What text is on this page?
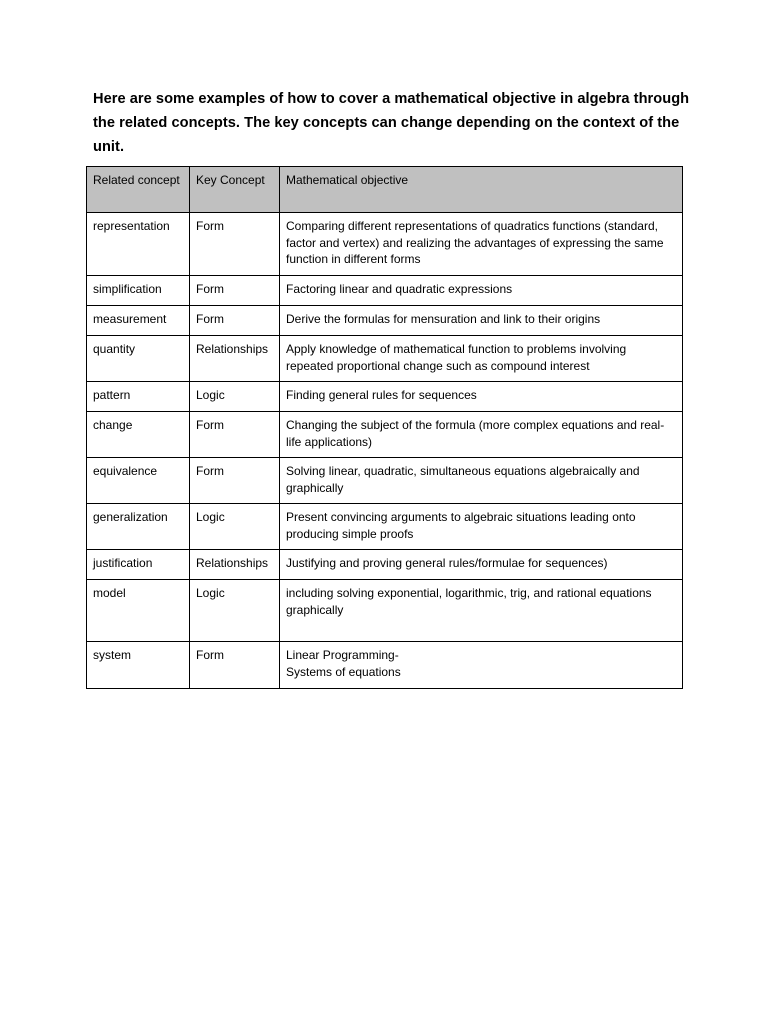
Here are some examples of how to cover a mathematical objective in algebra through the related concepts. The key concepts can change depending on the context of the unit.

Related concept	Key Concept	Mathematical objective
representation	Form	Comparing different representations of quadratics functions (standard, factor and vertex) and realizing the advantages of expressing the same function in different forms
simplification	Form	Factoring linear and quadratic expressions
measurement	Form	Derive the formulas for mensuration and link to their origins
quantity	Relationships	Apply knowledge of mathematical function to problems involving repeated proportional change such as compound interest
pattern	Logic	Finding general rules for sequences
change	Form	Changing the subject of the formula (more complex equations and real-life applications)
equivalence	Form	Solving linear, quadratic, simultaneous equations algebraically and graphically
generalization	Logic	Present convincing arguments to algebraic situations leading onto producing simple proofs
justification	Relationships	Justifying and proving general rules/formulae for sequences)
model	Logic	including solving exponential, logarithmic, trig, and rational equations graphically
system	Form	Linear Programming-
Systems of equations
